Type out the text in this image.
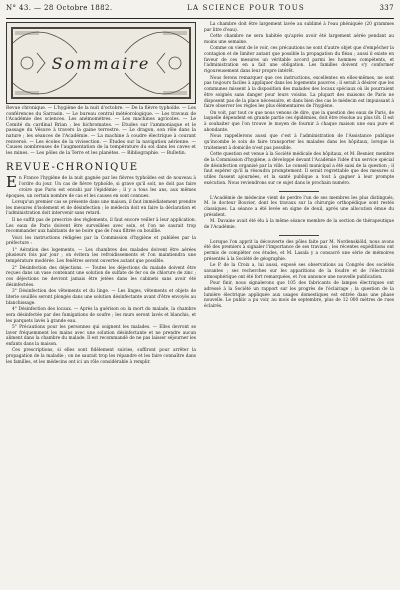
N° 43. — 28 Octobre 1882.	LA SCIENCE POUR TOUS	337
Sommaire
Revue chronique. — L'hygiène de la nuit d'octobre. — De la fièvre typhoïde. — Les conférences du Sarrasin. — Le bureau central météorologique. — Les travaux de l'Académie des sciences. Les anémomètres. — Les machines agricoles. — Le Comité du cardinal Brian ; les bichromates. — Etudes sur l'ammoniaque et le passage du Vésuve à travers la gaine terrestre. — Le dragon, son rôle dans la nature ; les séances de l'Académie. — La machine à coudre électrique à courant renversé. — Les écoles de la vivisection. — Études sur la navigation aérienne. — Causes nombreuses de l'augmentation de la température du sol dans les caves et les mines. — Les pôles de la Terre et les planètes. — Bibliographie. — Bulletin.
REVUE-CHRONIQUE

En France l'hygiène de la nuit gagnée par les fièvres typhoïdes est de nouveau à l'ordre du jour. Un cas de fièvre typhoïde, si grave qu'il soit, ne doit pas faire croire que Paris est envahi par l'épidémie ; il y a tous les ans, aux mêmes époques, un certain nombre de cas et les causes en sont connues.

Lorsqu'un premier cas se présente dans une maison, il faut immédiatement prendre les mesures d'isolement et de désinfection ; le médecin doit en faire la déclaration et l'administration doit intervenir sans retard.

Il ne suffit pas de prescrire des règlements, il faut encore veiller à leur application. Les eaux de Paris doivent être surveillées avec soin, et l'on ne saurait trop recommander aux habitants de ne boire que de l'eau filtrée ou bouillie.

Voici les instructions rédigées par la Commission d'hygiène et publiées par la préfecture :

1° Aération des logements. — Les chambres des malades doivent être aérées plusieurs fois par jour ; on évitera les refroidissements et l'on maintiendra une température modérée. Les fenêtres seront ouvertes autant que possible.

2° Désinfection des déjections. — Toutes les déjections du malade doivent être reçues dans un vase contenant une solution de sulfate de fer ou de chlorure de zinc ; ces déjections ne devront jamais être jetées dans les cabinets sans avoir été désinfectées.

3° Désinfection des vêtements et du linge. — Les linges, vêtements et objets de literie souillés seront plongés dans une solution désinfectante avant d'être envoyés au blanchissage.

4° Désinfection des locaux. — Après la guérison ou la mort du malade, la chambre sera désinfectée par des fumigations de soufre ; les murs seront lavés et blanchis, et les parquets lavés à grande eau.

5° Précautions pour les personnes qui soignent les malades. — Elles devront se laver fréquemment les mains avec une solution désinfectante et ne prendre aucun aliment dans la chambre du malade. Il est recommandé de ne pas laisser séjourner les enfants dans la maison.

Ces prescriptions, si elles sont fidèlement suivies, suffiront pour arrêter la propagation de la maladie ; on ne saurait trop les répandre et les faire connaître dans les familles, et les médecins ont ici un rôle considérable à remplir.

La chambre doit être largement lavée au sublimé à l'eau phéniquée (20 grammes par litre d'eau).

Cette chambre ne sera habitée qu'après avoir été largement aérée pendant au moins une semaine.

Comme on vient de le voir, ces précautions ne sont d'autre objet que d'empêcher la contagion et de limiter autant que possible la propagation du fléau ; aussi il existe en faveur de ces mesures un véritable accord parmi les hommes compétents, et l'administration en a fait une obligation. Les familles doivent s'y conformer rigoureusement dans leur propre intérêt.

Nous ferons remarquer que ces instructions, excellentes en elles-mêmes, ne sont pas toujours faciles à appliquer dans les logements pauvres ; il serait à désirer que les communes missent à la disposition des malades des locaux spéciaux où ils pourraient être soignés sans danger pour leurs voisins. La plupart des maisons de Paris ne disposent pas de la place nécessaire, et dans bien des cas le médecin est impuissant à faire observer les règles les plus élémentaires de l'hygiène.

On voit, par tout ce que nous venons de dire, que la question des eaux de Paris, de laquelle dépendent en grande partie ces épidémies, doit être résolue au plus tôt. Il est à souhaiter que l'on trouve le moyen de fournir à chaque maison une eau pure et abondante.

Nous rappellerons aussi que c'est à l'administration de l'Assistance publique qu'incombe le soin de faire transporter les malades dans les hôpitaux, lorsque le traitement à domicile n'est pas possible.

Cette question est venue à la Société médicale des hôpitaux, et M. Besnier, membre de la Commission d'hygiène, a développé devant l'Académie l'idée d'un service spécial de désinfection organisé par la ville. Le conseil municipal a été saisi de la question ; il faut espérer qu'il la résoudra promptement. Il serait regrettable que des mesures si utiles fussent ajournées, et la santé publique a tout à gagner à leur prompte exécution. Nous reviendrons sur ce sujet dans le prochain numéro.

L'Académie de médecine vient de perdre l'un de ses membres les plus distingués, M. le docteur Bouvier, dont les travaux sur la chirurgie orthopédique sont restés classiques. La séance a été levée en signe de deuil, après une allocution émue du président.

M. Davaine avait été élu à la même séance membre de la section de thérapeutique de l'Académie.

Lorsque l'on apprit la découverte des pôles faite par M. Nordenskiöld, nous avons été des premiers à signaler l'importance de ses travaux ; les récentes expéditions ont permis de compléter ces études, et M. Lasala y a consacré une série de mémoires présentés à la Société de géographie.

Le P. de la Croix a, lui aussi, exposé ses observations au Congrès des sociétés savantes ; ses recherches sur les apparitions de la foudre et de l'électricité atmosphérique ont été fort remarquées, et l'on annonce une nouvelle publication.

Pour finir, nous signalerons que 105 des fabricants de lampes électriques ont adressé à la Société un rapport sur les progrès de l'éclairage ; la question de la lumière électrique appliquée aux usages domestiques est entrée dans une phase nouvelle. Le public a pu voir, au mois de septembre, plus de 12 000 mètres de rues éclairés.
